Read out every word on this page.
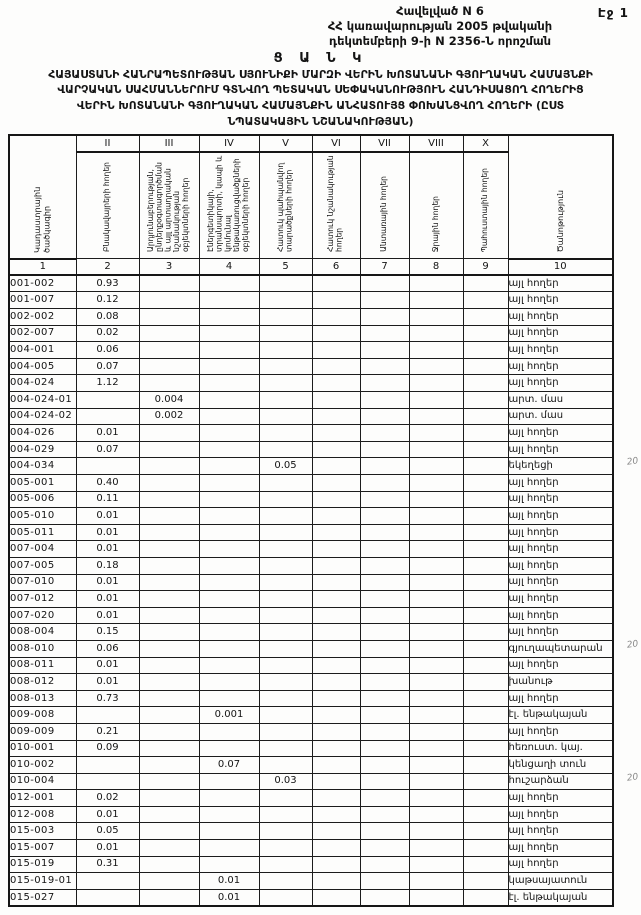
Էջ 1
Հավելված N 6
ՀՀ կառավարության 2005 թվականի
դեկտեմբերի 9-ի N 2356-Ն որոշման
Ց Ա Ն Կ
ՀԱՅԱՍՏԱՆԻ ՀԱՆՐԱՊԵՏՈՒԹՅԱՆ ՍՅՈՒՆԻՔԻ ՄԱՐԶԻ ՎԵՐԻՆ ԽՈՏԱՆԱՆԻ ԳՅՈՒՂԱԿԱՆ ՀԱՄԱՅՆՔԻ
ՎԱՐՉԱԿԱՆ ՍԱՀՄԱՆՆԵՐՈՒՄ ԳՏՆՎՈՂ ՊԵՏԱԿԱՆ ՍԵՓԱԿԱՆՈՒԹՅՈՒՆ ՀԱՆԴԻՍԱՑՈՂ ՀՈՂԵՐԻՑ
ՎԵՐԻՆ ԽՈՏԱՆԱՆԻ ԳՅՈՒՂԱԿԱՆ ՀԱՄԱՅՆՔԻՆ ԱՆՀԱՏՈՒՅՑ ՓՈԽԱՆՑՎՈՂ ՀՈՂԵՐԻ (ԸՍՏ
ՆՊԱՏԱԿԱՅԻՆ ՆՇԱՆԱԿՈՒԹՅԱՆ)
Կադաստրային ծածկագիր	II	III	IV	V	VI	VII	VIII	X	Ծանոթություն
	Բնակավայրերի հողեր	Արդյունաբերության, ընդերքօգտագործման և այլ արտադրական նշանակության օբյեկտների հողեր	Էներգետիկայի, տրանսպորտի, կապի և կոմունալ ենթակառուցվածքների օբյեկտների հողեր	Հատուկ պահպանվող տարածքների հողեր	Հատուկ նշանակության հողեր	Անտառային հողեր	Ջրային հողեր	Պահուստային հողեր	
1	2	3	4	5	6	7	8	9	10
001-002	0.93								այլ հողեր

001-007	0.12								այլ հողեր

002-002	0.08								այլ հողեր

002-007	0.02								այլ հողեր

004-001	0.06								այլ հողեր

004-005	0.07								այլ հողեր

004-024	1.12								այլ հողեր

004-024-01		0.004							արտ. մաս

004-024-02		0.002							արտ. մաս

004-026	0.01								այլ հողեր

004-029	0.07								այլ հողեր

004-034				0.05					եկեղեցի 20

005-001	0.40								այլ հողեր

005-006	0.11								այլ հողեր

005-010	0.01								այլ հողեր

005-011	0.01								այլ հողեր

007-004	0.01								այլ հողեր

007-005	0.18								այլ հողեր

007-010	0.01								այլ հողեր

007-012	0.01								այլ հողեր

007-020	0.01								այլ հողեր

008-004	0.15								այլ հողեր

008-010	0.06								գյուղապետարան 20

008-011	0.01								այլ հողեր

008-012	0.01								խանութ

008-013	0.73								այլ հողեր

009-008			0.001						էլ. ենթակայան

009-009	0.21								այլ հողեր

010-001	0.09								հեռուստ. կայ.

010-002			0.07						կենցաղի տուն

010-004				0.03					հուշարձան 20

012-001	0.02								այլ հողեր

012-008	0.01								այլ հողեր

015-003	0.05								այլ հողեր

015-007	0.01								այլ հողեր

015-019	0.31								այլ հողեր

015-019-01			0.01						կաթսայատուն

015-027			0.01						էլ. ենթակայան
